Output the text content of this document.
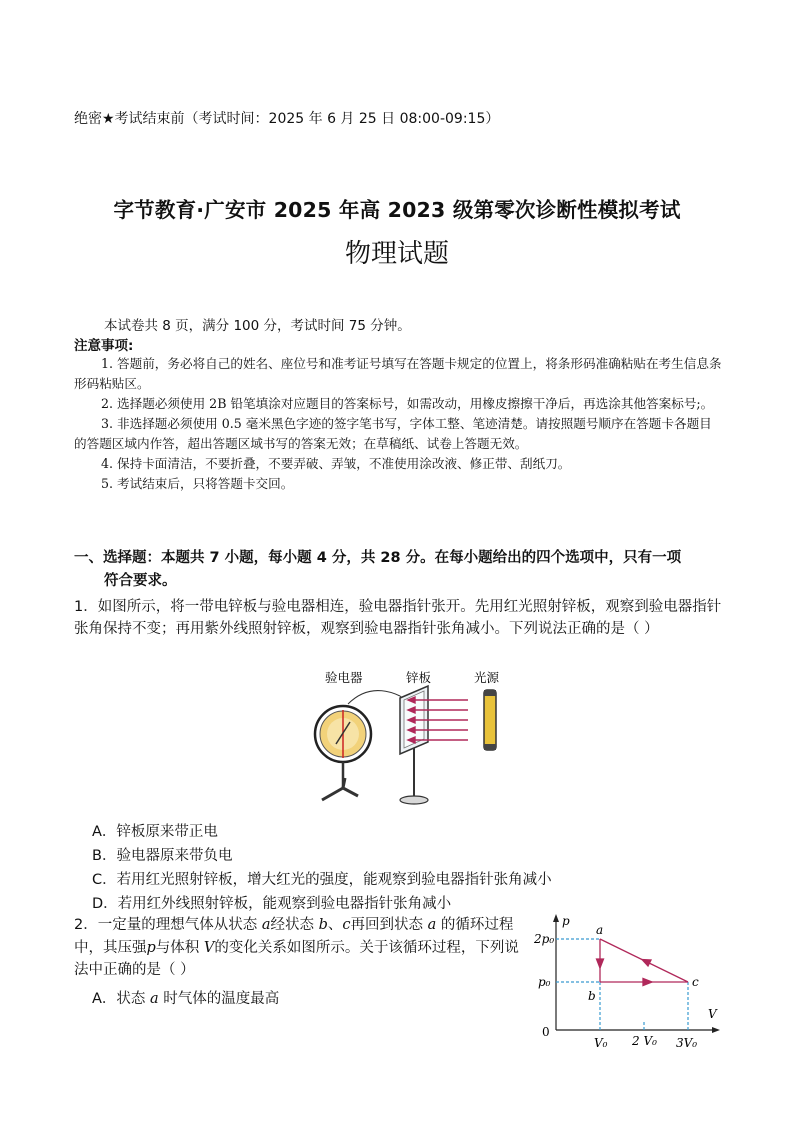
绝密★考试结束前（考试时间：2025 年 6 月 25 日 08:00-09:15）
字节教育·广安市 2025 年高 2023 级第零次诊断性模拟考试
物理试题
本试卷共 8 页，满分 100 分，考试时间 75 分钟。
注意事项:

1. 答题前，务必将自己的姓名、座位号和准考证号填写在答题卡规定的位置上，将条形码准确粘贴在考生信息条形码粘贴区。

2. 选择题必须使用 2B 铅笔填涂对应题目的答案标号，如需改动，用橡皮擦擦干净后，再选涂其他答案标号;。

3. 非选择题必须使用 0.5 毫米黑色字迹的签字笔书写，字体工整、笔迹清楚。请按照题号顺序在答题卡各题目的答题区域内作答，超出答题区域书写的答案无效；在草稿纸、试卷上答题无效。

4. 保持卡面清洁，不要折叠，不要弄破、弄皱，不准使用涂改液、修正带、刮纸刀。

5. 考试结束后，只将答题卡交回。

一、选择题：本题共 7 小题，每小题 4 分，共 28 分。在每小题给出的四个选项中，只有一项
符合要求。
1．如图所示，将一带电锌板与验电器相连，验电器指针张开。先用红光照射锌板，观察到验电器指针张角保持不变；再用紫外线照射锌板，观察到验电器指针张角减小。下列说法正确的是（ ）
验电器	锌板	光源
A．锌板原来带正电
B．验电器原来带负电
C．若用红光照射锌板，增大红光的强度，能观察到验电器指针张角减小
D．若用红外线照射锌板，能观察到验电器指针张角减小
2．一定量的理想气体从状态 a经状态 b、c再回到状态 a 的循环过程中，其压强p与体积 V的变化关系如图所示。关于该循环过程，下列说法中正确的是（ ）
A．状态 a 时气体的温度最高
p
V
0
2p₀
p₀
V₀ 2 V₀ 3V₀
a
b
c
